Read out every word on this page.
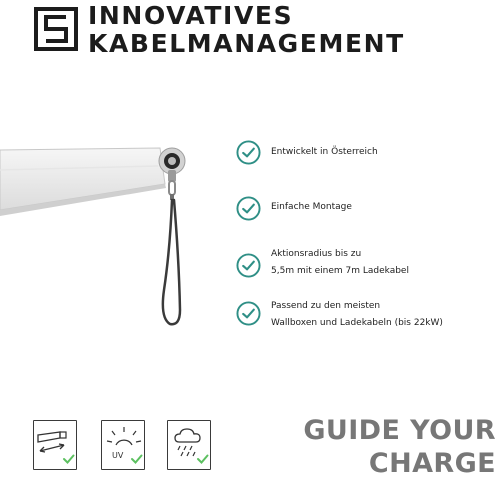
INNOVATIVES
KABELMANAGEMENT
Entwickelt in Österreich
Einfache Montage
Aktionsradius bis zu
5,5m mit einem 7m Ladekabel
Passend zu den meisten
Wallboxen und Ladekabeln (bis 22kW)
UV
GUIDE YOUR
CHARGE
